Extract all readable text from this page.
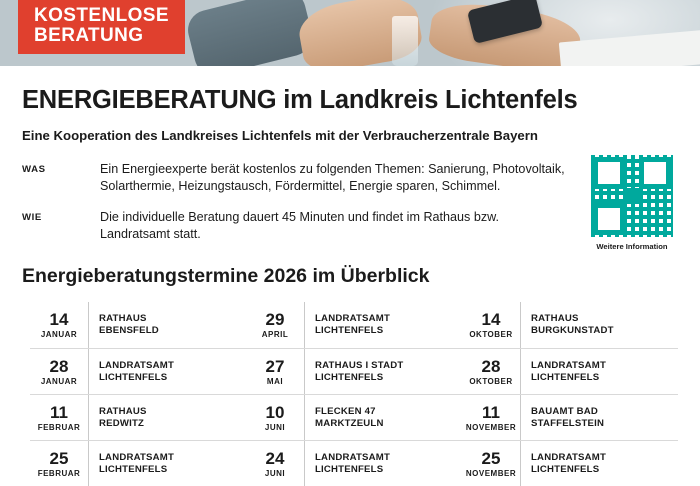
KOSTENLOSE
BERATUNG
ENERGIEBERATUNG im Landkreis Lichtenfels

Eine Kooperation des Landkreises Lichtenfels mit der Verbraucherzentrale Bayern

WAS	Ein Energieexperte berät kostenlos zu folgenden Themen: Sanierung, Photovoltaik, Solarthermie, Heizungstausch, Fördermittel, Energie sparen, Schimmel.
WIE	Die individuelle Beratung dauert 45 Minuten und findet im Rathaus bzw. Landratsamt statt.
Weitere Information
Energieberatungstermine 2026 im Überblick
14
JANUAR
RATHAUS
EBENSFELD
29
APRIL
LANDRATSAMT
LICHTENFELS
14
OKTOBER
RATHAUS
BURGKUNSTADT
28
JANUAR
LANDRATSAMT
LICHTENFELS
27
MAI
RATHAUS I STADT
LICHTENFELS
28
OKTOBER
LANDRATSAMT
LICHTENFELS
11
FEBRUAR
RATHAUS
REDWITZ
10
JUNI
FLECKEN 47
MARKTZEULN
11
NOVEMBER
BAUAMT BAD
STAFFELSTEIN
25
FEBRUAR
LANDRATSAMT
LICHTENFELS
24
JUNI
LANDRATSAMT
LICHTENFELS
25
NOVEMBER
LANDRATSAMT
LICHTENFELS
